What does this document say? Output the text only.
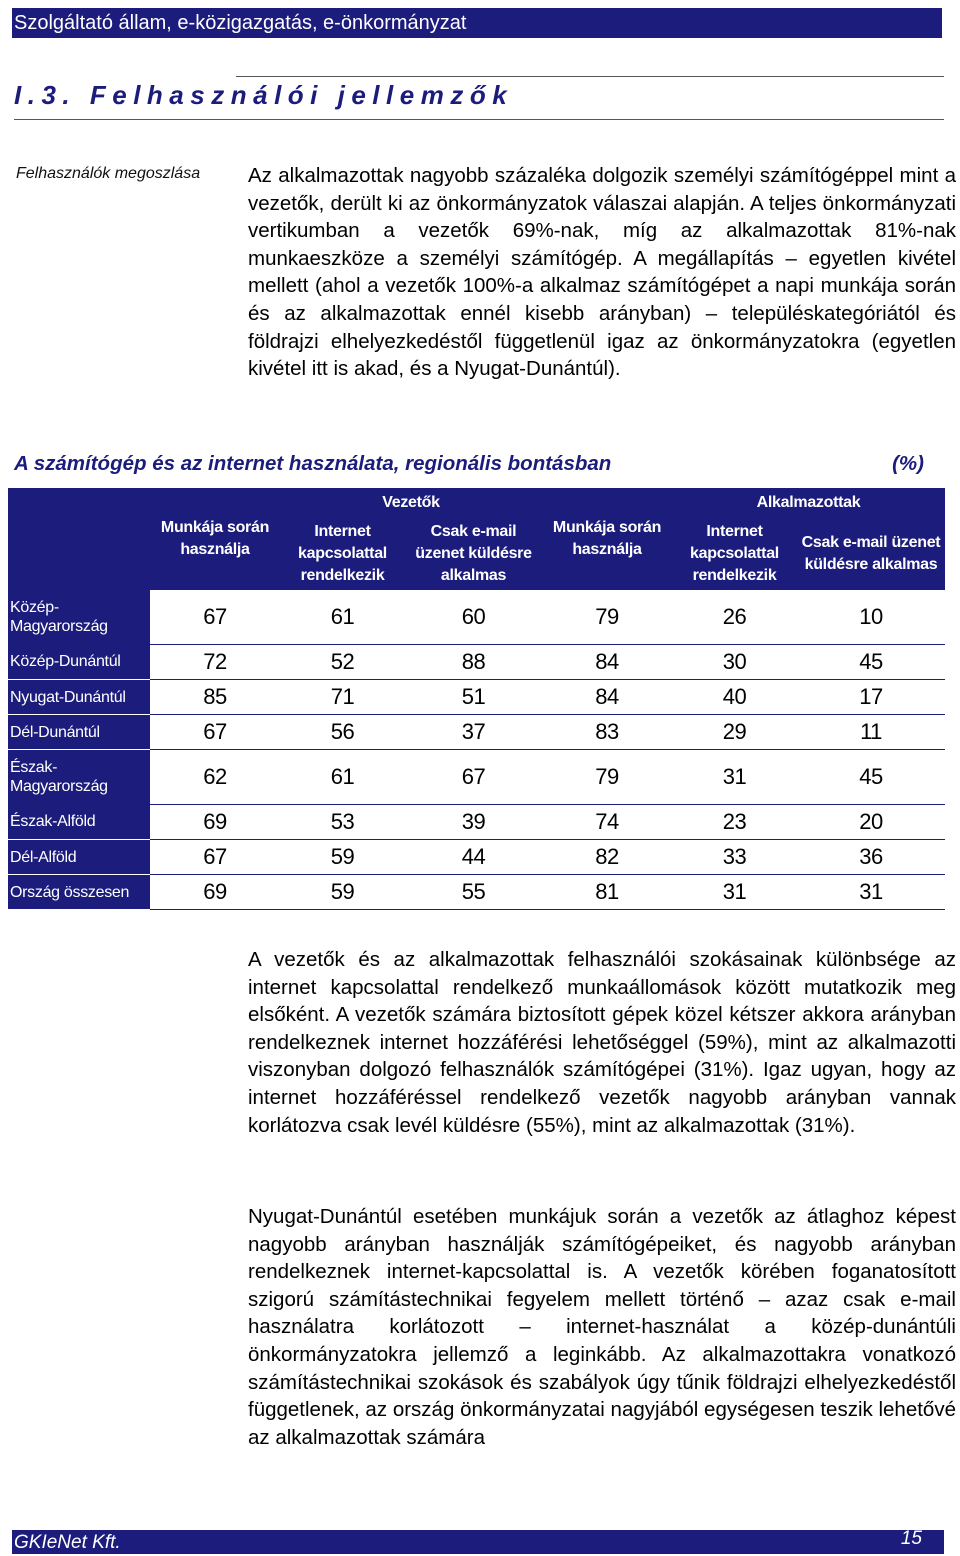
Szolgáltató állam, e-közigazgatás, e-önkormányzat
I.3. Felhasználói jellemzők
Felhasználók megoszlása	Az alkalmazottak nagyobb százaléka dolgozik személyi számítógéppel mint a vezetők, derült ki az önkormányzatok válaszai alapján. A teljes önkormányzati vertikumban a vezetők 69%-nak, míg az alkalmazottak 81%-nak munkaeszköze a személyi számítógép. A megállapítás – egyetlen kivétel mellett (ahol a vezetők 100%-a alkalmaz számítógépet a napi munkája során és az alkalmazottak ennél kisebb arányban) – településkategóriától és földrajzi elhelyezkedéstől függetlenül igaz az önkormányzatokra (egyetlen kivétel itt is akad, és a Nyugat-Dunántúl).
A számítógép és az internet használata, regionális bontásban	(%)
	Munkája során használja	Vezetők		Munkája során használja	Alkalmazottak	
		Internet kapcsolattal rendelkezik	Csak e-mail üzenet küldésre alkalmas		Internet kapcsolattal rendelkezik	Csak e-mail üzenet küldésre alkalmas
Közép-Magyarország	67	61	60	79	26	10
Közép-Dunántúl	72	52	88	84	30	45
Nyugat-Dunántúl	85	71	51	84	40	17
Dél-Dunántúl	67	56	37	83	29	11
Észak-Magyarország	62	61	67	79	31	45
Észak-Alföld	69	53	39	74	23	20
Dél-Alföld	67	59	44	82	33	36
Ország összesen	69	59	55	81	31	31
A vezetők és az alkalmazottak felhasználói szokásainak különbsége az internet kapcsolattal rendelkező munkaállomások között mutatkozik meg elsőként. A vezetők számára biztosított gépek közel kétszer akkora arányban rendelkeznek internet hozzáférési lehetőséggel (59%), mint az alkalmazotti viszonyban dolgozó felhasználók számítógépei (31%). Igaz ugyan, hogy az internet hozzáféréssel rendelkező vezetők nagyobb arányban vannak korlátozva csak levél küldésre (55%), mint az alkalmazottak (31%).
Nyugat-Dunántúl esetében munkájuk során a vezetők az átlaghoz képest nagyobb arányban használják számítógépeiket, és nagyobb arányban rendelkeznek internet-kapcsolattal is. A vezetők körében foganatosított szigorú számítástechnikai fegyelem mellett történő – azaz csak e-mail használatra korlátozott – internet-használat a közép-dunántúli önkormányzatokra jellemző a leginkább. Az alkalmazottakra vonatkozó számítástechnikai szokások és szabályok úgy tűnik földrajzi elhelyezkedéstől függetlenek, az ország önkormányzatai nagyjából egységesen teszik lehetővé az alkalmazottak számára
GKIeNet Kft.	15
